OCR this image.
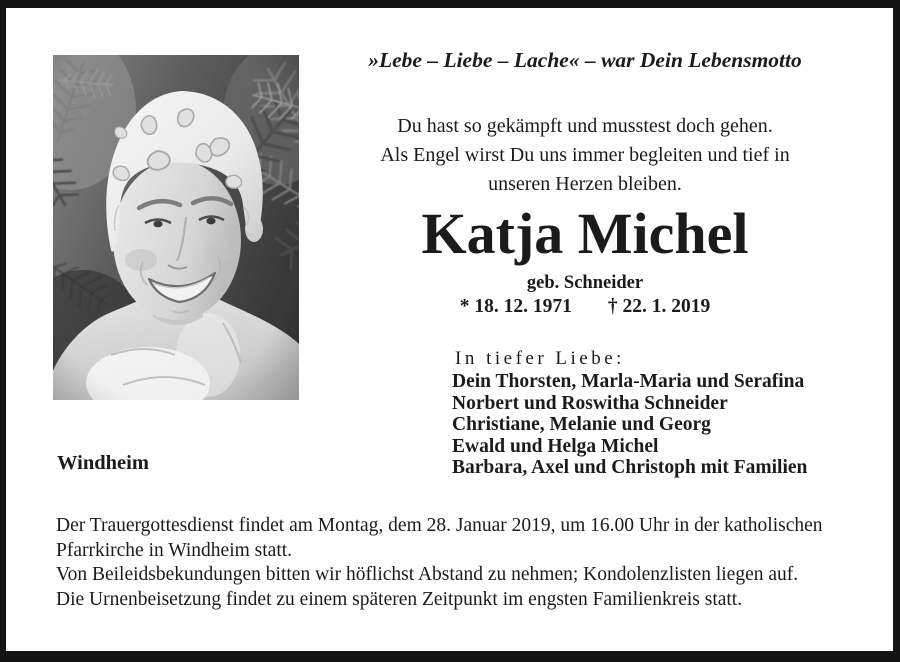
»Lebe – Liebe – Lache« – war Dein Lebensmotto
Du hast so gekämpft und musstest doch gehen.
Als Engel wirst Du uns immer begleiten und tief in
unseren Herzen bleiben.
Katja Michel
geb. Schneider
* 18. 12. 1971 † 22. 1. 2019
In tiefer Liebe:
Dein Thorsten, Marla-Maria und Serafina
Norbert und Roswitha Schneider
Christiane, Melanie und Georg
Ewald und Helga Michel
Barbara, Axel und Christoph mit Familien
Windheim
Der Trauergottesdienst findet am Montag, dem 28. Januar 2019, um 16.00 Uhr in der katholischen
Pfarrkirche in Windheim statt.
Von Beileidsbekundungen bitten wir höflichst Abstand zu nehmen; Kondolenzlisten liegen auf.
Die Urnenbeisetzung findet zu einem späteren Zeitpunkt im engsten Familienkreis statt.
